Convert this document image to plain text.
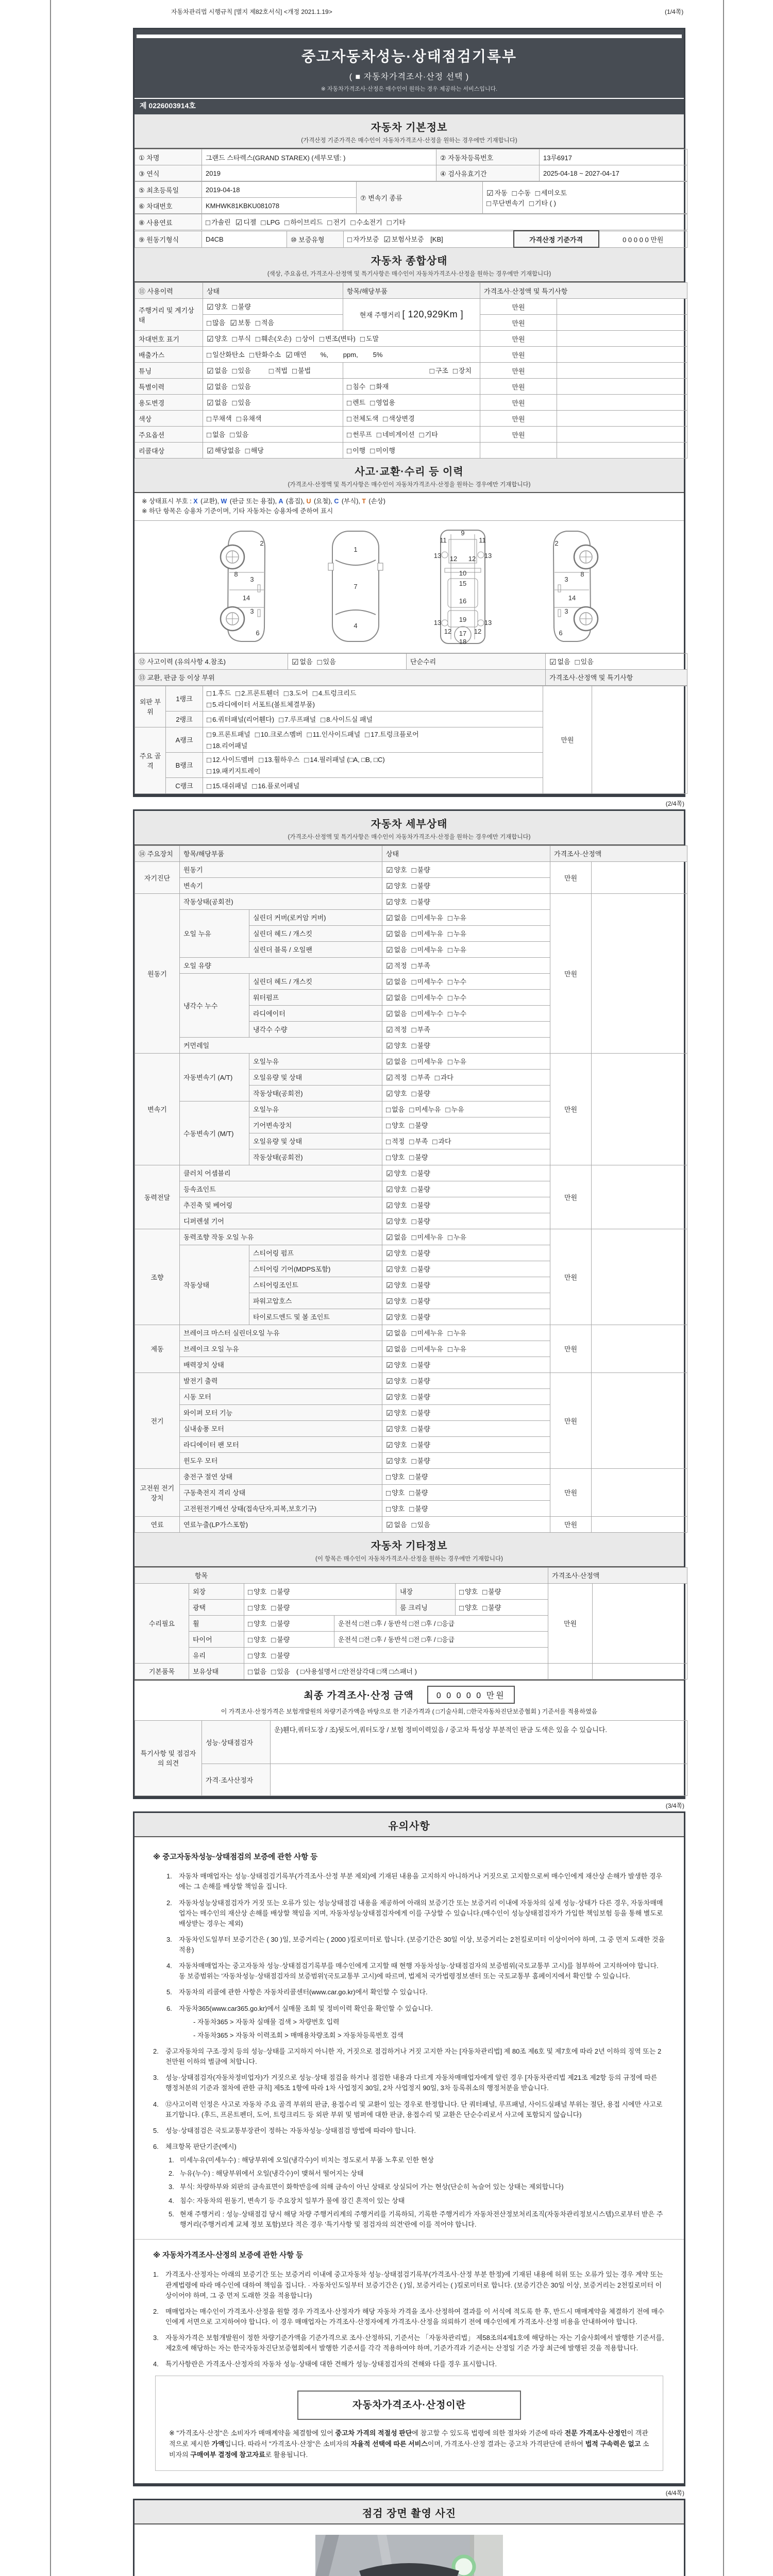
자동차관리법 시행규칙 [별지 제82호서식] <개정 2021.1.19>	(1/4쪽)
중고자동차성능·상태점검기록부
( ■ 자동차가격조사·산정 선택 )
※ 자동차가격조사·산정은 매수인이 원하는 경우 제공하는 서비스입니다.
제 0226003914호
자동차 기본정보
(가격산정 기준가격은 매수인이 자동차가격조사·산정을 원하는 경우에만 기재합니다)
① 차명	그랜드 스타렉스(GRAND STAREX) (세부모델: )	② 자동차등록번호	13루6917
③ 연식	2019	④ 검사유효기간	2025-04-18 ~ 2027-04-17
⑤ 최초등록일	2019-04-18	⑦ 변속기 종류	☑ 자동 □ 수동 □ 세미오토
□ 무단변속기 □ 기타 ( )

⑥ 차대번호	KMHWK81KBKU081078		
⑧ 사용연료	□ 가솔린 ☑ 디젤 □ LPG □ 하이브리드 □ 전기 □ 수소전기 □ 기타
⑨ 원동기형식	D4CB	⑩ 보증유형	□ 자가보증 ☑ 보험사보증 [KB]	가격산정 기준가격	0 0 0 0 0 만원
자동차 종합상태
(색상, 주요옵션, 가격조사·산정액 및 특기사항은 매수인이 자동차가격조사·산정을 원하는 경우에만 기재합니다)
⑪ 사용이력	상태	항목/해당부품	가격조사·산정액 및 특기사항	
주행거리 및 계기상태	☑ 양호 □ 불량	현재 주행거리 [ 120,929Km ]	만원	
	□ 많음 ☑ 보통 □ 적음		만원	
차대번호 표기	☑ 양호 □ 부식 □ 훼손(오손) □ 상이 □ 변조(변타) □ 도말		만원	
배출가스	□ 일산화탄소 □ 탄화수소 ☑ 매연 %,        ppm,        5%		만원	
튜닝	☑ 없음 □ 있음 □ 적법 □ 불법	□ 구조 □ 장치	만원	
특별이력	☑ 없음 □ 있음	□ 침수 □ 화재	만원	
용도변경	☑ 없음 □ 있음	□ 렌트 □ 영업용	만원	
색상	□ 무채색 □ 유채색	□ 전체도색 □ 색상변경	만원	
주요옵션	□ 없음 □ 있음	□ 썬루프 □ 네비게이션 □ 기타	만원	
리콜대상	☑ 해당없음 □ 해당	□ 이행 □ 미이행		
사고·교환·수리 등 이력
(가격조사·산정액 및 특기사항은 매수인이 자동차가격조사·산정을 원하는 경우에만 기재합니다)
※ 상태표시 부호 : X (교환), W (판금 또는 용접), A (흠집), U (요철), C (부식), T (손상)
※ 하단 항목은 승용차 기준이며, 기타 자동차는 승용차에 준하여 표시
2
8
3
14
3
6
1
7
4
11
9
11
13 12 12 13
10
15
16
13	19	13
12 17 12
18
2
3
8
14
3
6
⑫ 사고이력 (유의사항 4.참조)	☑ 없음 □ 있음	단순수리	☑ 없음 □ 있음
⑬ 교환, 판금 등 이상 부위			가격조사·산정액 및 특기사항
외판 부위	1랭크	□ 1.후드 □ 2.프론트휀더 □ 3.도어 □ 4.트렁크리드
□ 5.라디에이터 서포트(볼트체결부품)	만원	
	2랭크	□ 6.쿼터패널(리어휀다) □ 7.루프패널 □ 8.사이드실 패널		

주요 골격	A랭크	□ 9.프론트패널 □ 10.크로스멤버 □ 11.인사이드패널 □ 17.트렁크플로어
□ 18.리어패널		

	B랭크	□ 12.사이드멤버 □ 13.휠하우스 □ 14.필러패널 (□A, □B, □C)
□ 19.패키지트레이		

	C랭크	□ 15.대쉬패널 □ 16.플로어패널		
(2/4쪽)
자동차 세부상태
(가격조사·산정액 및 특기사항은 매수인이 자동차가격조사·산정을 원하는 경우에만 기재합니다)
⑭ 주요장치	항목/해당부품		상태	가격조사·산정액	
자기진단	원동기		☑ 양호 □ 불량	만원	
	변속기		☑ 양호 □ 불량		
원동기	작동상태(공회전)		☑ 양호 □ 불량	만원	
	오일 누유	실린더 커버(로커암 커버)	☑ 없음 □ 미세누유 □ 누유		
		실린더 헤드 / 개스킷	☑ 없음 □ 미세누유 □ 누유		
		실린더 블록 / 오일팬	☑ 없음 □ 미세누유 □ 누유		
	오일 유량		☑ 적정 □ 부족		
	냉각수 누수	실린더 헤드 / 개스킷	☑ 없음 □ 미세누수 □ 누수		
		워터펌프	☑ 없음 □ 미세누수 □ 누수		
		라디에이터	☑ 없음 □ 미세누수 □ 누수		
		냉각수 수량	☑ 적정 □ 부족		
	커먼레일		☑ 양호 □ 불량		
변속기	자동변속기 (A/T)	오일누유	☑ 없음 □ 미세누유 □ 누유	만원	
		오일유량 및 상태	☑ 적정 □ 부족 □ 과다		
		작동상태(공회전)	☑ 양호 □ 불량		
	수동변속기 (M/T)	오일누유	□ 없음 □ 미세누유 □ 누유		
		기어변속장치	□ 양호 □ 불량		
		오일유량 및 상태	□ 적정 □ 부족 □ 과다		
		작동상태(공회전)	□ 양호 □ 불량		
동력전달	클러치 어셈블리		☑ 양호 □ 불량	만원	
	등속죠인트		☑ 양호 □ 불량		
	추진축 및 베어링		☑ 양호 □ 불량		
	디퍼렌셜 기어		☑ 양호 □ 불량		
조향	동력조향 작동 오일 누유		☑ 없음 □ 미세누유 □ 누유	만원	
	작동상태	스티어링 펌프	☑ 양호 □ 불량		
		스티어링 기어(MDPS포함)	☑ 양호 □ 불량		
		스티어링조인트	☑ 양호 □ 불량		
		파워고압호스	☑ 양호 □ 불량		
		타이로드엔드 및 볼 조인트	☑ 양호 □ 불량		
제동	브레이크 마스터 실린더오일 누유		☑ 없음 □ 미세누유 □ 누유	만원	
	브레이크 오일 누유		☑ 없음 □ 미세누유 □ 누유		
	배력장치 상태		☑ 양호 □ 불량		
전기	발전기 출력		☑ 양호 □ 불량	만원	
	시동 모터		☑ 양호 □ 불량		
	와이퍼 모터 기능		☑ 양호 □ 불량		
	실내송풍 모터		☑ 양호 □ 불량		
	라디에이터 팬 모터		☑ 양호 □ 불량		
	윈도우 모터		☑ 양호 □ 불량		
고전원 전기장치	충전구 절연 상태		□ 양호 □ 불량	만원	
	구동축전지 격리 상태		□ 양호 □ 불량		
	고전원전기배선 상태(접속단자,피복,보호기구)		□ 양호 □ 불량		
연료	연료누출(LP가스포함)		☑ 없음 □ 있음	만원	
자동차 기타정보
(이 항목은 매수인이 자동차가격조사·산정을 원하는 경우에만 기재합니다)
항목						가격조사·산정액	
수리필요	외장	□ 양호 □ 불량		내장	□ 양호 □ 불량	만원	
	광택	□ 양호 □ 불량		룸 크리닝	□ 양호 □ 불량		
	휠	□ 양호 □ 불량	운전석 □전 □후 / 동반석 □전 □후 / □응급				
	타이어	□ 양호 □ 불량	운전석 □전 □후 / 동반석 □전 □후 / □응급				
	유리	□ 양호 □ 불량					
기본품목	보유상태	□ 없음 □ 있음 ( □사용설명서 □안전삼각대 □잭 □스패너 )					
최종 가격조사·산정 금액	0 0 0 0 0 만원
이 가격조사·산정가격은 보험개발원의 차량기준가액을 바탕으로 한 기준가격과 ( □기술사회, □한국자동차진단보증협회 ) 기준서를 적용하였음
특기사항 및 점검자의 의견	성능·상태점검자	운)휀다,쿼터도장 / 조)뒷도어,쿼터도장 / 보험 정비이력있음 / 중고차 특성상 부분적인 판금 도색은 있을 수 있습니다.
	가격·조사산정자	
(3/4쪽)
유의사항
※ 중고자동차성능·상태점검의 보증에 관한 사항 등
1.	자동차 매매업자는 성능·상태점검기록부(가격조사·산정 부분 제외)에 기재된 내용을 고지하지 아니하거나 거짓으로 고지함으로써 매수인에게 재산상 손해가 발생한 경우에는 그 손해를 배상할 책임을 집니다.
2.	자동차성능상태점검자가 거짓 또는 오류가 있는 성능상태점검 내용을 제공하여 아래의 보증기간 또는 보증거리 이내에 자동차의 실제 성능·상태가 다른 경우, 자동차매매업자는 매수인의 재산상 손해를 배상할 책임을 지며, 자동차성능상태점검자에게 이를 구상할 수 있습니다.(매수인이 성능상태점검자가 가입한 책임보험 등을 통해 별도로 배상받는 경우는 제외)
3.	자동차인도일부터 보증기간은 ( 30 )일, 보증거리는 ( 2000 )킬로미터로 합니다. (보증기간은 30일 이상, 보증거리는 2천킬로미터 이상이어야 하며, 그 중 먼저 도래한 것을 적용)
4.	자동차매매업자는 중고자동차 성능·상태점검기록부를 매수인에게 고지할 때 현행 자동차성능·상태점검자의 보증범위(국토교통부 고시)를 첨부하여 고지하여야 합니다. 동 보증범위는 '자동차성능·상태점검자의 보증범위'(국토교통부 고시)에 따르며, 법제처 국가법령정보센터 또는 국토교통부 홈페이지에서 확인할 수 있습니다.
5.	자동차의 리콜에 관한 사항은 자동차리콜센터(www.car.go.kr)에서 확인할 수 있습니다.
6.	자동차365(www.car365.go.kr)에서 실매물 조회 및 정비이력 확인을 확인할 수 있습니다.
- 자동차365 > 자동차 실매물 검색 > 차량번호 입력
- 자동차365 > 자동차 이력조회 > 매매용차량조회 > 자동차등록번호 검색
2.	중고자동차의 구조·장치 등의 성능·상태를 고지하지 아니한 자, 거짓으로 점검하거나 거짓 고지한 자는 [자동차관리법] 제 80조 제6호 및 제7호에 따라 2년 이하의 징역 또는 2천만원 이하의 벌금에 처합니다.
3.	성능·상태점검자(자동차정비업자)가 거짓으로 성능·상태 점검을 하거나 점검한 내용과 다르게 자동차매매업자에게 알린 경우 [자동차관리법 제21조 제2항 등의 규정에 따른 행정처분의 기준과 절차에 관한 규칙] 제5조 1항에 따라 1차 사업정지 30일, 2차 사업정지 90일, 3차 등록취소의 행정처분을 받습니다.
4.	⑫사고이력 인정은 사고로 자동차 주요 골격 부위의 판금, 용접수리 및 교환이 있는 경우로 한정합니다. 단 쿼터패널, 루프패널, 사이드실패널 부위는 절단, 용접 시에만 사고로 표기합니다. (후드, 프론트펜더, 도어, 트렁크리드 등 외판 부위 및 범퍼에 대한 판금, 용접수리 및 교환은 단순수리로서 사고에 포함되지 않습니다)
5.	성능·상태점검은 국토교통부장관이 정하는 자동차성능·상태점검 방법에 따라야 합니다.
6.	체크항목 판단기준(예시)
1. 미세누유(미세누수) : 해당부위에 오일(냉각수)이 비치는 정도로서 부품 노후로 인한 현상
2. 누유(누수) : 해당부위에서 오일(냉각수)이 맺혀서 떨어지는 상태
3. 부식: 차량하부와 외판의 금속표면이 화학반응에 의해 금속이 아닌 상태로 상실되어 가는 현상(단순히 녹슬어 있는 상태는 제외합니다)
4. 침수: 자동차의 원동기, 변속기 등 주요장치 일부가 물에 잠긴 흔적이 있는 상태
5. 현재 주행거리 : 성능·상태점검 당시 해당 차량 주행거리계의 주행거리를 기록하되, 기록한 주행거리가 자동차전산정보처리조직(자동차관리정보시스템)으로부터 받은 주행거리(주행거리계 교체 정보 포함)보다 적은 경우 '특기사항 및 점검자의 의견'란에 이를 적어야 합니다.
※ 자동차가격조사·산정의 보증에 관한 사항 등
1.	가격조사·산정자는 아래의 보증기간 또는 보증거리 이내에 중고자동차 성능·상태점검기록부(가격조사·산정 부분 한정)에 기재된 내용에 허위 또는 오류가 있는 경우 계약 또는 관계법령에 따라 매수인에 대하여 책임을 집니다. · 자동차인도일부터 보증기간은 ( )일, 보증거리는 ( )킬로미터로 합니다. (보증기간은 30일 이상, 보증거리는 2천킬로미터 이상이어야 하며, 그 중 먼저 도래한 것을 적용합니다)
2.	매매업자는 매수인이 가격조사·산정을 원할 경우 가격조사·산정자가 해당 자동차 가격을 조사·산정하여 결과를 이 서식에 적도록 한 후, 반드시 매매계약을 체결하기 전에 매수인에게 서면으로 고지하여야 합니다. 이 경우 매매업자는 가격조사·산정자에게 가격조사·산정을 의뢰하기 전에 매수인에게 가격조사·산정 비용을 안내하여야 합니다.
3.	자동차가격은 보험개발원이 정한 차량기준가액을 기준가격으로 조사·산정하되, 기준서는 「자동차관리법」 제58조의4제1호에 해당하는 자는 기술사회에서 발행한 기준서를, 제2호에 해당하는 자는 한국자동차진단보증협회에서 발행한 기준서를 각각 적용하여야 하며, 기준가격과 기준서는 산정일 기준 가장 최근에 발행된 것을 적용합니다.
4.	특기사항란은 가격조사·산정자의 자동차 성능·상태에 대한 견해가 성능·상태점검자의 견해와 다를 경우 표시합니다.
자동차가격조사·산정이란
※ "가격조사·산정"은 소비자가 매매계약을 체결함에 있어 중고차 가격의 적절성 판단에 참고할 수 있도록 법령에 의한 절차와 기준에 따라 전문 가격조사·산정인이 객관적으로 제시한 가액입니다. 따라서 "가격조사·산정"은 소비자의 자율적 선택에 따른 서비스이며, 가격조사·산정 결과는 중고차 가격판단에 관하여 법적 구속력은 없고 소비자의 구매여부 결정에 참고자료로 활용됩니다.
(4/4쪽)
점검 장면 촬영 사진
